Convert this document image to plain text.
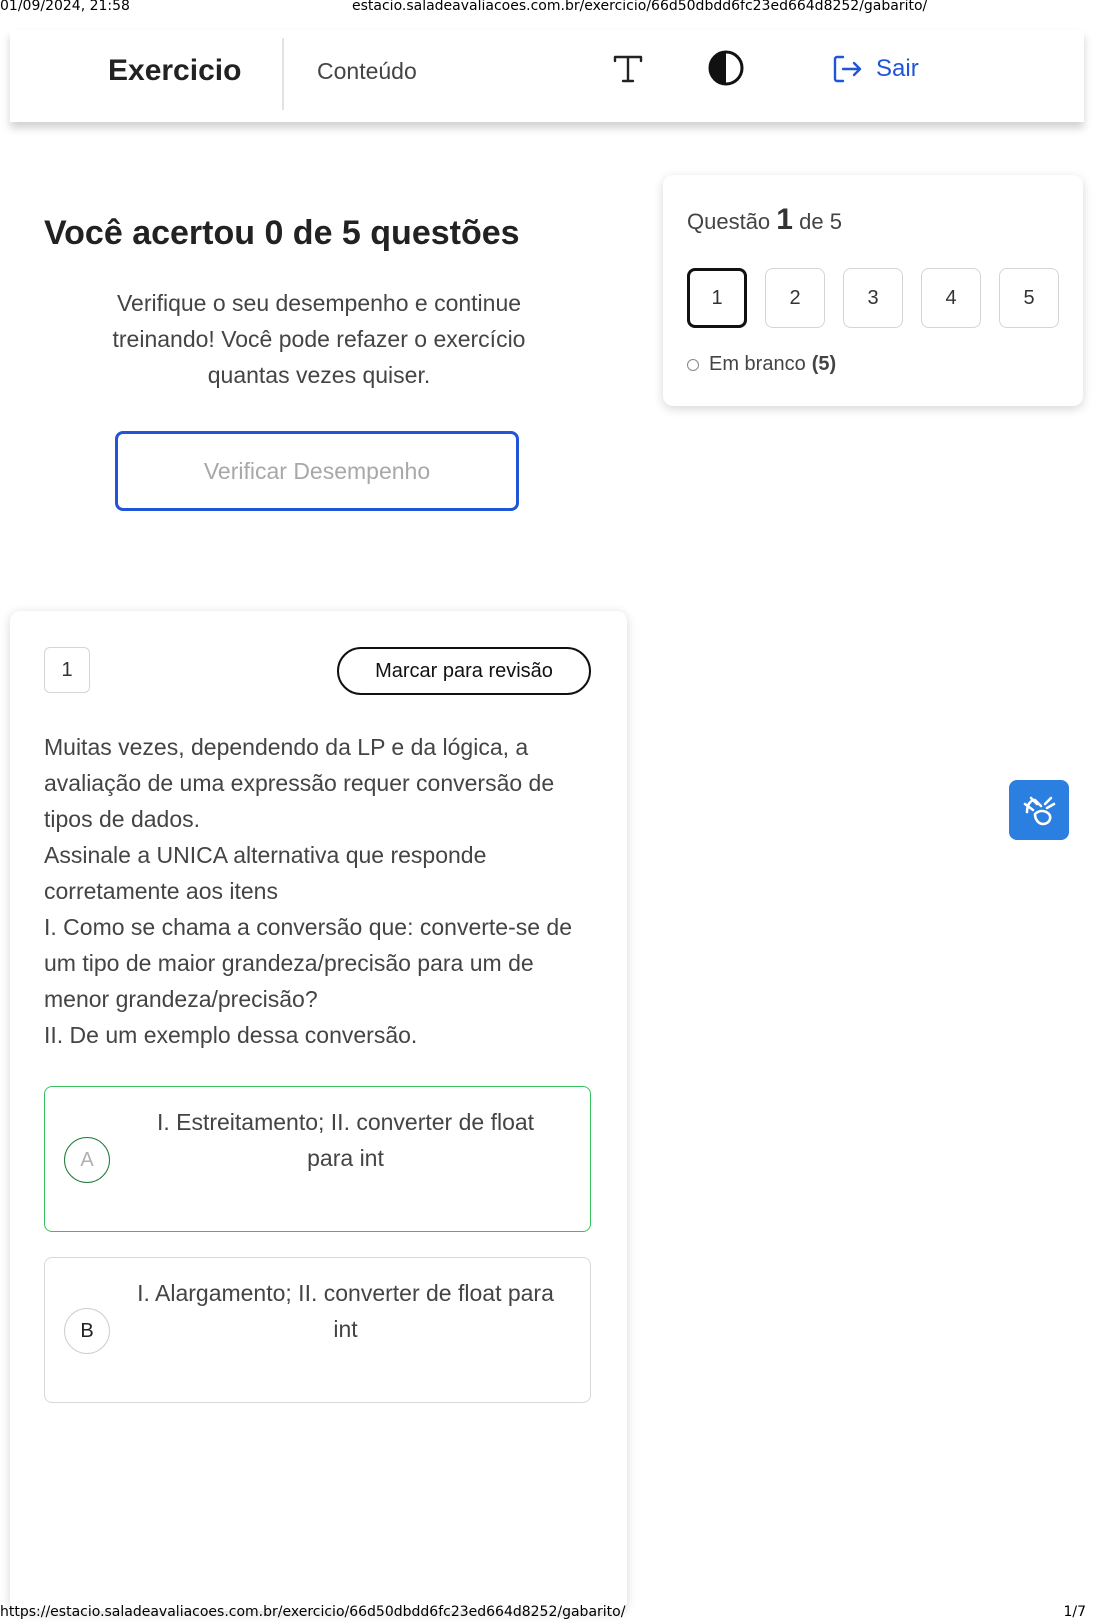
01/09/2024, 21:58	estacio.saladeavaliacoes.com.br/exercicio/66d50dbdd6fc23ed664d8252/gabarito/
Exercicio	Conteúdo	Sair
Você acertou 0 de 5 questões
Verifique o seu desempenho e continue treinando! Você pode refazer o exercício quantas vezes quiser.
Verificar Desempenho
Questão 1 de 5
1	2	3	4	5
Em branco (5)
1	Marcar para revisão

Muitas vezes, dependendo da LP e da lógica, a avaliação de uma expressão requer conversão de tipos de dados.

Assinale a UNICA alternativa que responde corretamente aos itens

I. Como se chama a conversão que: converte-se de um tipo de maior grandeza/precisão para um de menor grandeza/precisão?

II. De um exemplo dessa conversão.

A
I. Estreitamento; II. converter de float para int
B
I. Alargamento; II. converter de float para int
https://estacio.saladeavaliacoes.com.br/exercicio/66d50dbdd6fc23ed664d8252/gabarito/	1/7
